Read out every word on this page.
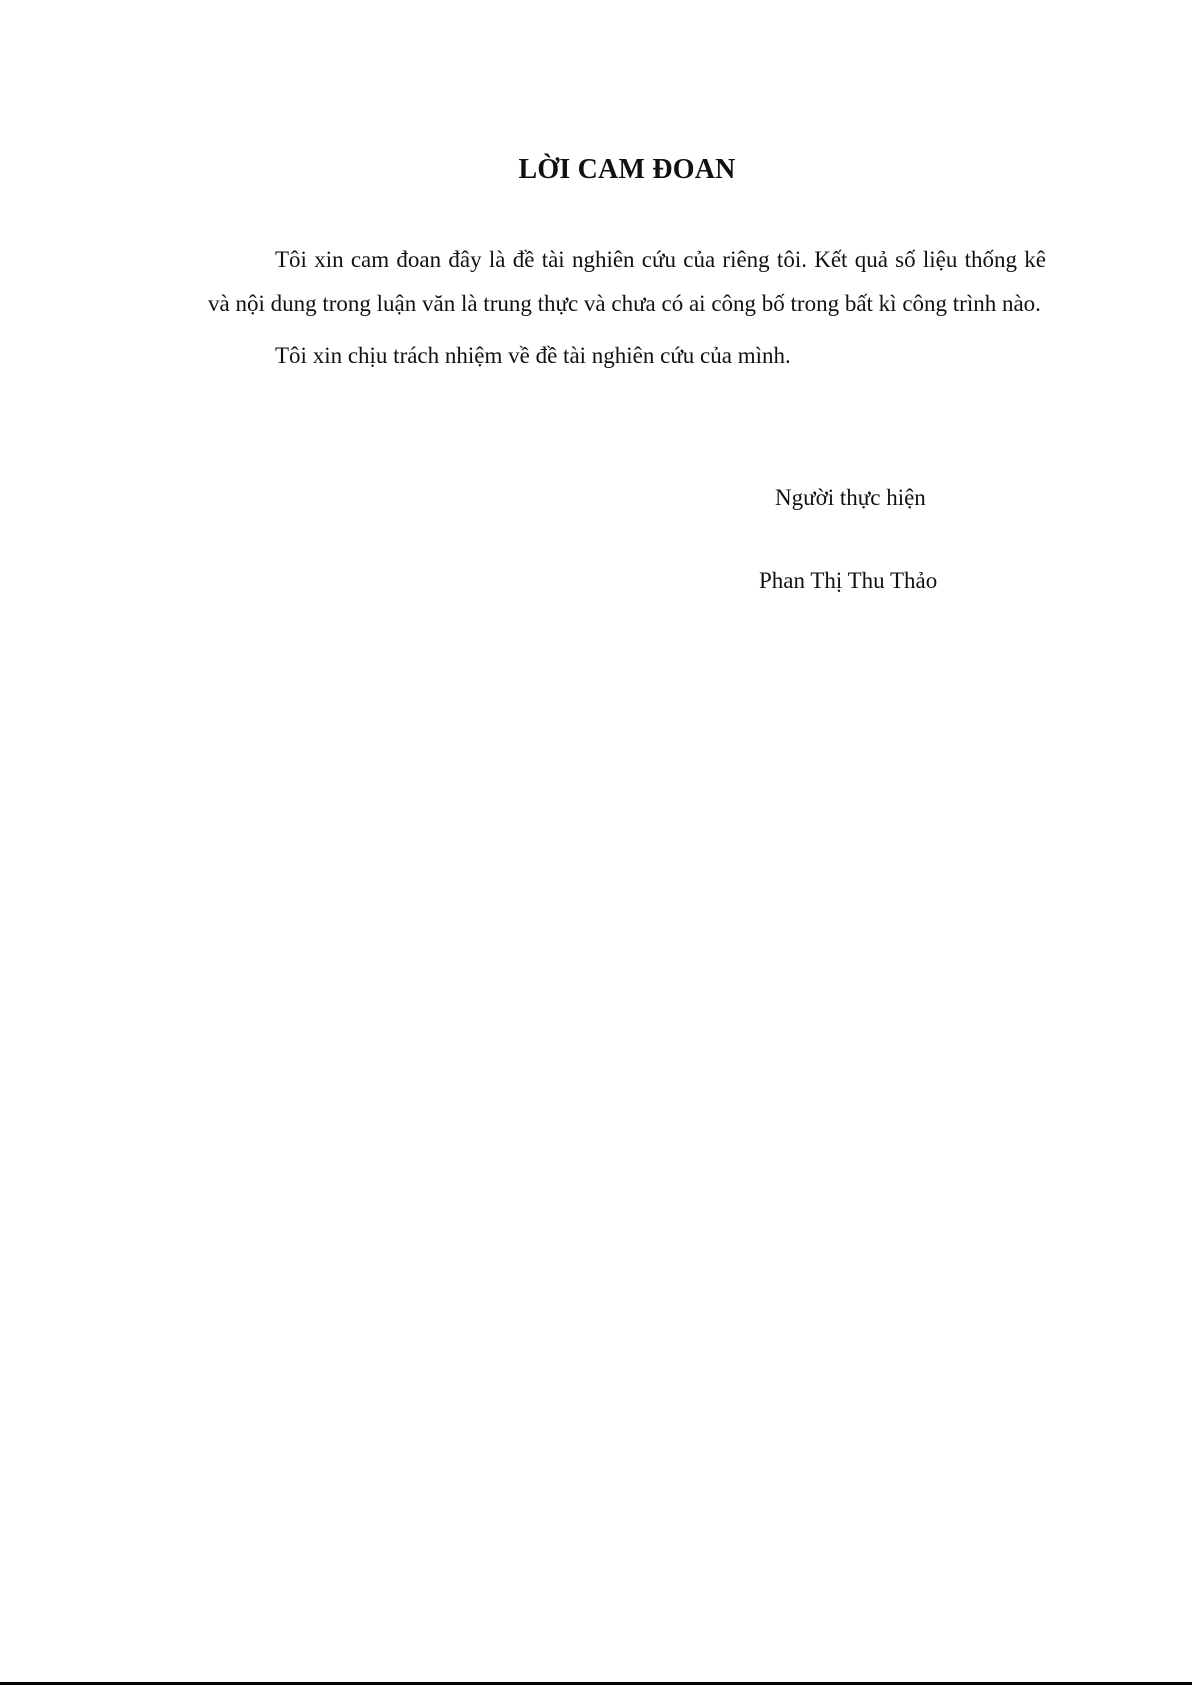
LỜI CAM ĐOAN

Tôi xin cam đoan đây là đề tài nghiên cứu của riêng tôi. Kết quả số liệu thống kê và nội dung trong luận văn là trung thực và chưa có ai công bố trong bất kì công trình nào.

Tôi xin chịu trách nhiệm về đề tài nghiên cứu của mình.

Người thực hiện
Phan Thị Thu Thảo
